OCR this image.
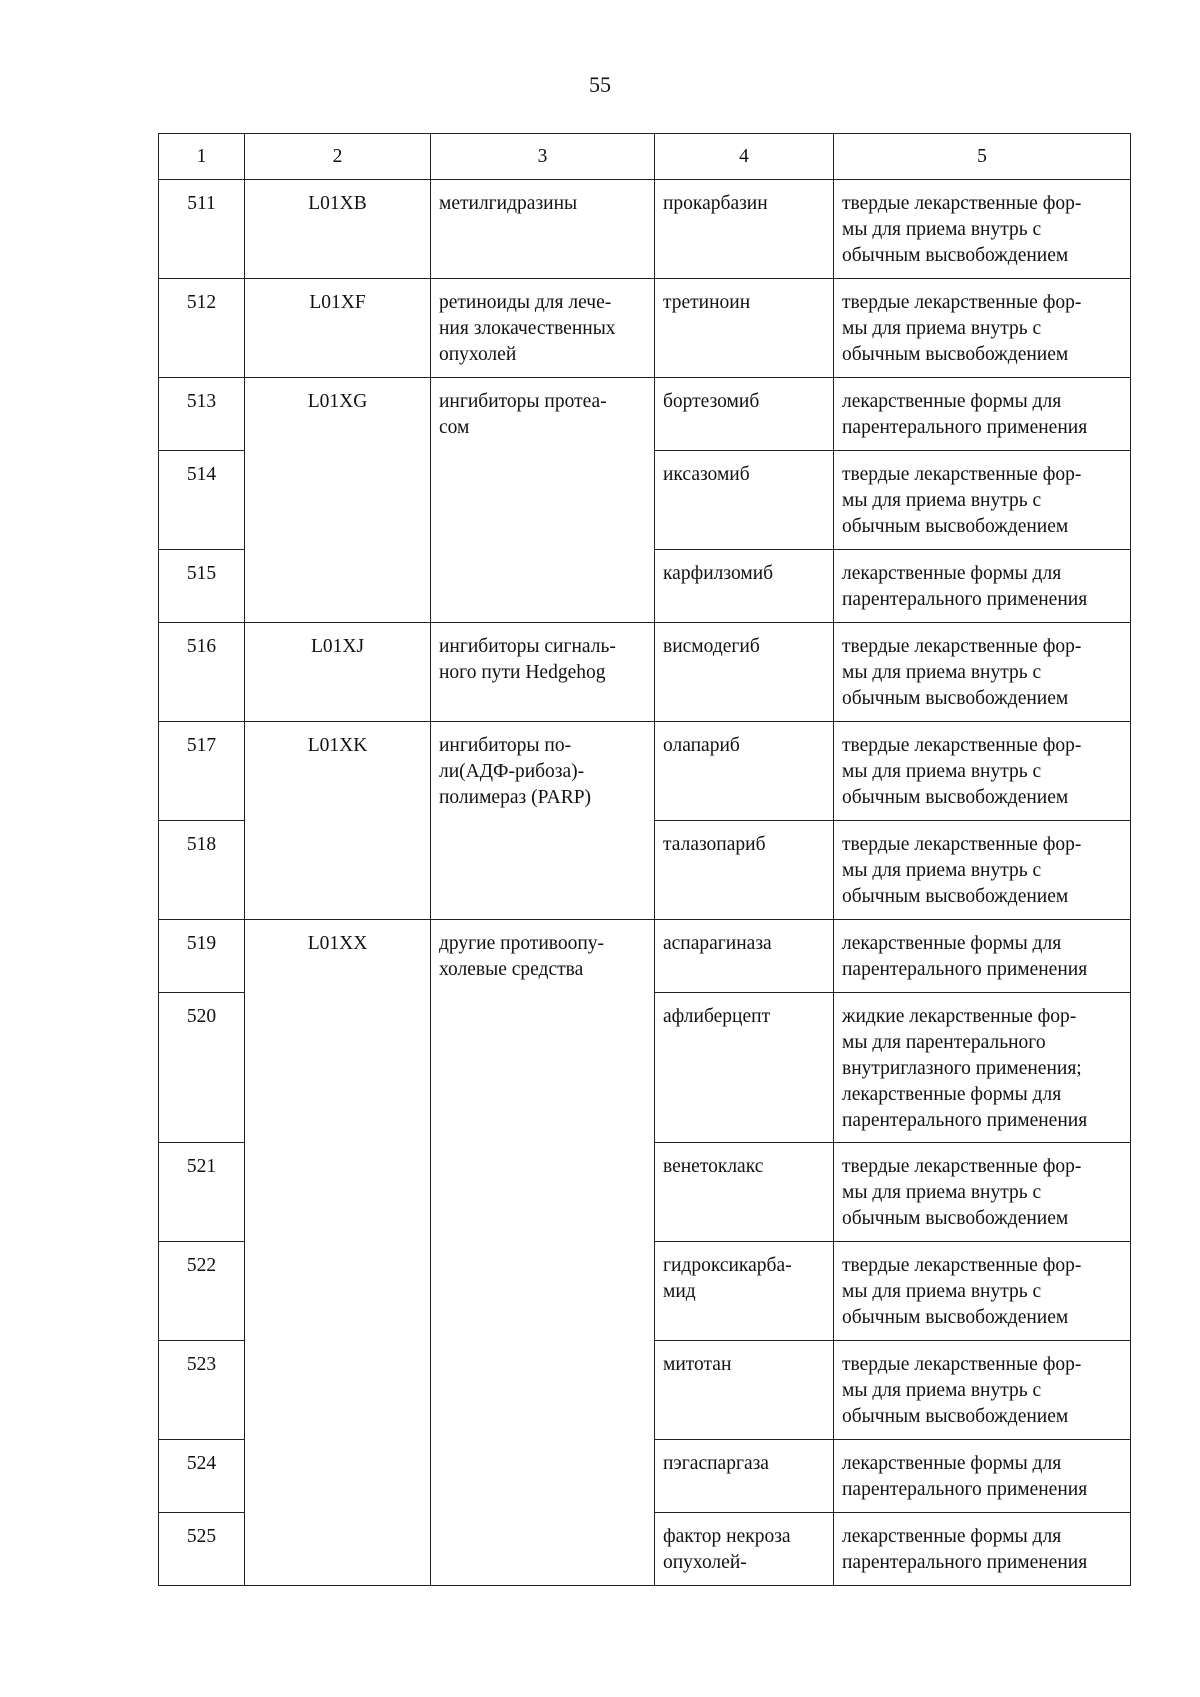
55
1	2	3	4	5
511	L01XB	метилгидразины	прокарбазин	твердые лекарственные фор-
мы для приема внутрь с
обычным высвобождением
512	L01XF	ретиноиды для лече-
ния злокачественных
опухолей	третиноин	твердые лекарственные фор-
мы для приема внутрь с
обычным высвобождением
513	L01XG	ингибиторы протеа-
сом	бортезомиб	лекарственные формы для
парентерального применения
514			иксазомиб	твердые лекарственные фор-
мы для приема внутрь с
обычным высвобождением
515			карфилзомиб	лекарственные формы для
парентерального применения
516	L01XJ	ингибиторы сигналь-
ного пути Hedgehog	висмодегиб	твердые лекарственные фор-
мы для приема внутрь с
обычным высвобождением
517	L01XK	ингибиторы по-
ли(АДФ-рибоза)-
полимераз (PARP)	олапариб	твердые лекарственные фор-
мы для приема внутрь с
обычным высвобождением
518			талазопариб	твердые лекарственные фор-
мы для приема внутрь с
обычным высвобождением
519	L01XX	другие противоопу-
холевые средства	аспарагиназа	лекарственные формы для
парентерального применения
520			афлиберцепт	жидкие лекарственные фор-
мы для парентерального
внутриглазного применения;
лекарственные формы для
парентерального применения
521			венетоклакс	твердые лекарственные фор-
мы для приема внутрь с
обычным высвобождением
522			гидроксикарба-
мид	твердые лекарственные фор-
мы для приема внутрь с
обычным высвобождением
523			митотан	твердые лекарственные фор-
мы для приема внутрь с
обычным высвобождением
524			пэгаспаргаза	лекарственные формы для
парентерального применения
525			фактор некроза
опухолей-	лекарственные формы для
парентерального применения
